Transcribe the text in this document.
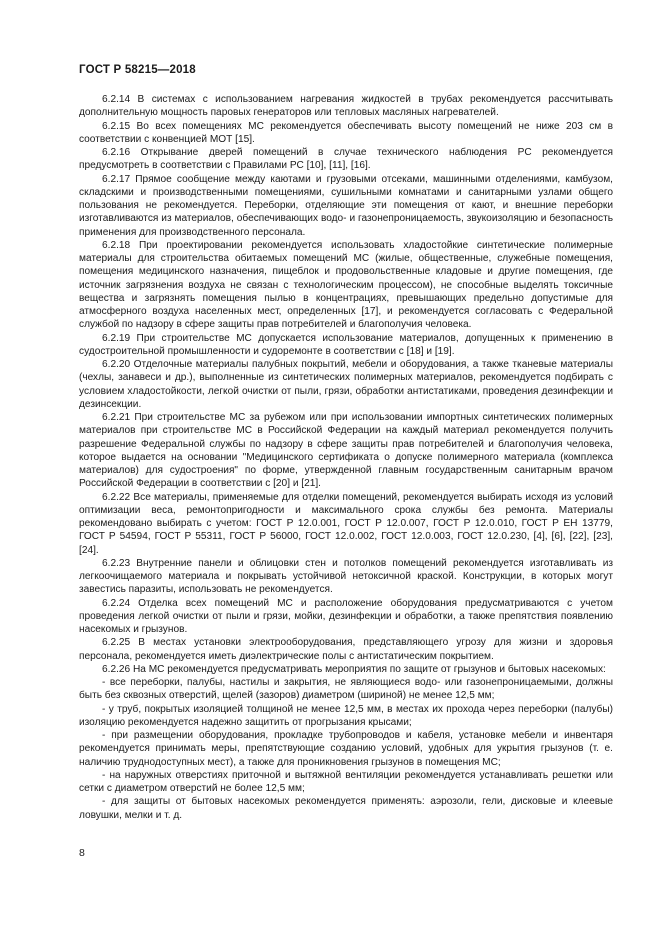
ГОСТ Р 58215—2018

6.2.14 В системах с использованием нагревания жидкостей в трубах рекомендуется рассчитывать дополнительную мощность паровых генераторов или тепловых масляных нагревателей.

6.2.15 Во всех помещениях МС рекомендуется обеспечивать высоту помещений не ниже 203 см в соответствии с конвенцией МОТ [15].

6.2.16 Открывание дверей помещений в случае технического наблюдения РС рекомендуется предусмотреть в соответствии с Правилами РС [10], [11], [16].

6.2.17 Прямое сообщение между каютами и грузовыми отсеками, машинными отделениями, камбузом, складскими и производственными помещениями, сушильными комнатами и санитарными узлами общего пользования не рекомендуется. Переборки, отделяющие эти помещения от кают, и внешние переборки изготавливаются из материалов, обеспечивающих водо- и газонепроницаемость, звукоизоляцию и безопасность применения для производственного персонала.

6.2.18 При проектировании рекомендуется использовать хладостойкие синтетические полимерные материалы для строительства обитаемых помещений МС (жилые, общественные, служебные помещения, помещения медицинского назначения, пищеблок и продовольственные кладовые и другие помещения, где источник загрязнения воздуха не связан с технологическим процессом), не способные выделять токсичные вещества и загрязнять помещения пылью в концентрациях, превышающих предельно допустимые для атмосферного воздуха населенных мест, определенных [17], и рекомендуется согласовать с Федеральной службой по надзору в сфере защиты прав потребителей и благополучия человека.

6.2.19 При строительстве МС допускается использование материалов, допущенных к применению в судостроительной промышленности и судоремонте в соответствии с [18] и [19].

6.2.20 Отделочные материалы палубных покрытий, мебели и оборудования, а также тканевые материалы (чехлы, занавеси и др.), выполненные из синтетических полимерных материалов, рекомендуется подбирать с условием хладостойкости, легкой очистки от пыли, грязи, обработки антистатиками, проведения дезинфекции и дезинсекции.

6.2.21 При строительстве МС за рубежом или при использовании импортных синтетических полимерных материалов при строительстве МС в Российской Федерации на каждый материал рекомендуется получить разрешение Федеральной службы по надзору в сфере защиты прав потребителей и благополучия человека, которое выдается на основании "Медицинского сертификата о допуске полимерного материала (комплекса материалов) для судостроения" по форме, утвержденной главным государственным санитарным врачом Российской Федерации в соответствии с [20] и [21].

6.2.22 Все материалы, применяемые для отделки помещений, рекомендуется выбирать исходя из условий оптимизации веса, ремонтопригодности и максимального срока службы без ремонта. Материалы рекомендовано выбирать с учетом: ГОСТ Р 12.0.001, ГОСТ Р 12.0.007, ГОСТ Р 12.0.010, ГОСТ Р ЕН 13779, ГОСТ Р 54594, ГОСТ Р 55311, ГОСТ Р 56000, ГОСТ 12.0.002, ГОСТ 12.0.003, ГОСТ 12.0.230, [4], [6], [22], [23], [24].

6.2.23 Внутренние панели и облицовки стен и потолков помещений рекомендуется изготавливать из легкоочищаемого материала и покрывать устойчивой нетоксичной краской. Конструкции, в которых могут завестись паразиты, использовать не рекомендуется.

6.2.24 Отделка всех помещений МС и расположение оборудования предусматриваются с учетом проведения легкой очистки от пыли и грязи, мойки, дезинфекции и обработки, а также препятствия появлению насекомых и грызунов.

6.2.25 В местах установки электрооборудования, представляющего угрозу для жизни и здоровья персонала, рекомендуется иметь диэлектрические полы с антистатическим покрытием.

6.2.26 На МС рекомендуется предусматривать мероприятия по защите от грызунов и бытовых насекомых:

- все переборки, палубы, настилы и закрытия, не являющиеся водо- или газонепроницаемыми, должны быть без сквозных отверстий, щелей (зазоров) диаметром (шириной) не менее 12,5 мм;

- у труб, покрытых изоляцией толщиной не менее 12,5 мм, в местах их прохода через переборки (палубы) изоляцию рекомендуется надежно защитить от прогрызания крысами;

- при размещении оборудования, прокладке трубопроводов и кабеля, установке мебели и инвентаря рекомендуется принимать меры, препятствующие созданию условий, удобных для укрытия грызунов (т. е. наличию труднодоступных мест), а также для проникновения грызунов в помещения МС;

- на наружных отверстиях приточной и вытяжной вентиляции рекомендуется устанавливать решетки или сетки с диаметром отверстий не более 12,5 мм;

- для защиты от бытовых насекомых рекомендуется применять: аэрозоли, гели, дисковые и клеевые ловушки, мелки и т. д.

8
